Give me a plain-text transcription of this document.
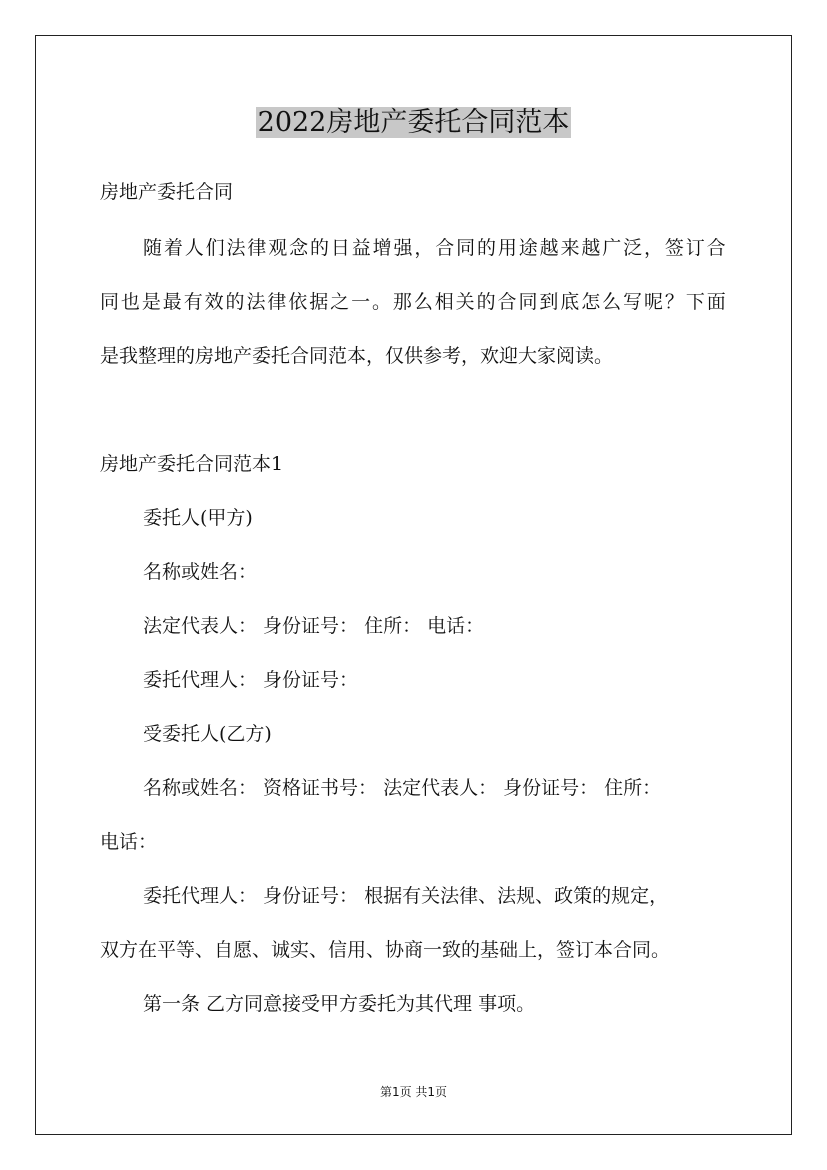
2022房地产委托合同范本
房地产委托合同
随 着 人 们 法 律 观 念 的 日 益 增 强 ， 合 同 的 用 途 越 来 越 广 泛 ， 签 订 合
同 也 是 最 有 效 的 法 律 依 据 之 一 。 那 么 相 关 的 合 同 到 底 怎 么 写 呢 ？ 下 面
是我整理的房地产委托合同范本，仅供参考，欢迎大家阅读。
房地产委托合同范本1
委托人(甲方)
名称或姓名：
法定代表人： 身份证号： 住所： 电话：
委托代理人： 身份证号：
受委托人(乙方)
名称或姓名： 资格证书号： 法定代表人： 身份证号： 住所：
电话：
委托代理人： 身份证号： 根据有关法律、法规、政策的规定，
双方在平等、自愿、诚实、信用、协商一致的基础上，签订本合同。
第一条 乙方同意接受甲方委托为其代理 事项。
第1页 共1页
